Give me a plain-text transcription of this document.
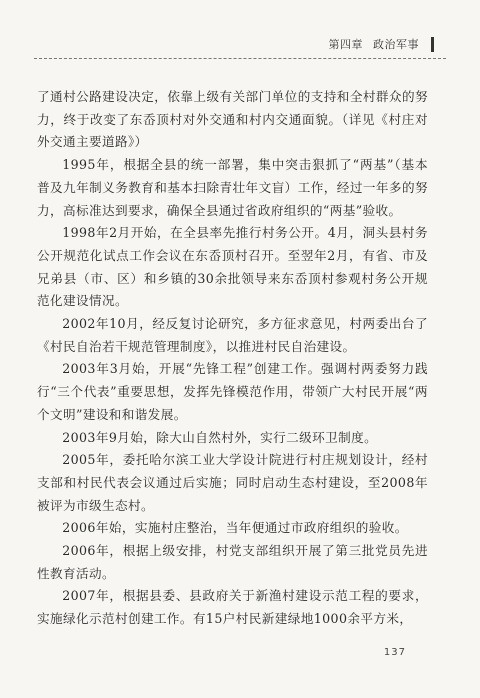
第四章 政治军事

了通村公路建设决定，依靠上级有关部门单位的支持和全村群众的努力，终于改变了东岙顶村对外交通和村内交通面貌。（详见《村庄对外交通主要道路》）

1995年，根据全县的统一部署，集中突击狠抓了“两基”（基本普及九年制义务教育和基本扫除青壮年文盲）工作，经过一年多的努力，高标准达到要求，确保全县通过省政府组织的“两基”验收。

1998年2月开始，在全县率先推行村务公开。4月，洞头县村务公开规范化试点工作会议在东岙顶村召开。至翌年2月，有省、市及兄弟县（市、区）和乡镇的30余批领导来东岙顶村参观村务公开规范化建设情况。

2002年10月，经反复讨论研究，多方征求意见，村两委出台了《村民自治若干规范管理制度》，以推进村民自治建设。

2003年3月始，开展“先锋工程”创建工作。强调村两委努力践行“三个代表”重要思想，发挥先锋模范作用，带领广大村民开展“两个文明”建设和和谐发展。

2003年9月始，除大山自然村外，实行二级环卫制度。

2005年，委托哈尔滨工业大学设计院进行村庄规划设计，经村支部和村民代表会议通过后实施；同时启动生态村建设，至2008年被评为市级生态村。

2006年始，实施村庄整治，当年便通过市政府组织的验收。

2006年，根据上级安排，村党支部组织开展了第三批党员先进性教育活动。

2007年，根据县委、县政府关于新渔村建设示范工程的要求，实施绿化示范村创建工作。有15户村民新建绿地1000余平方米，

137
